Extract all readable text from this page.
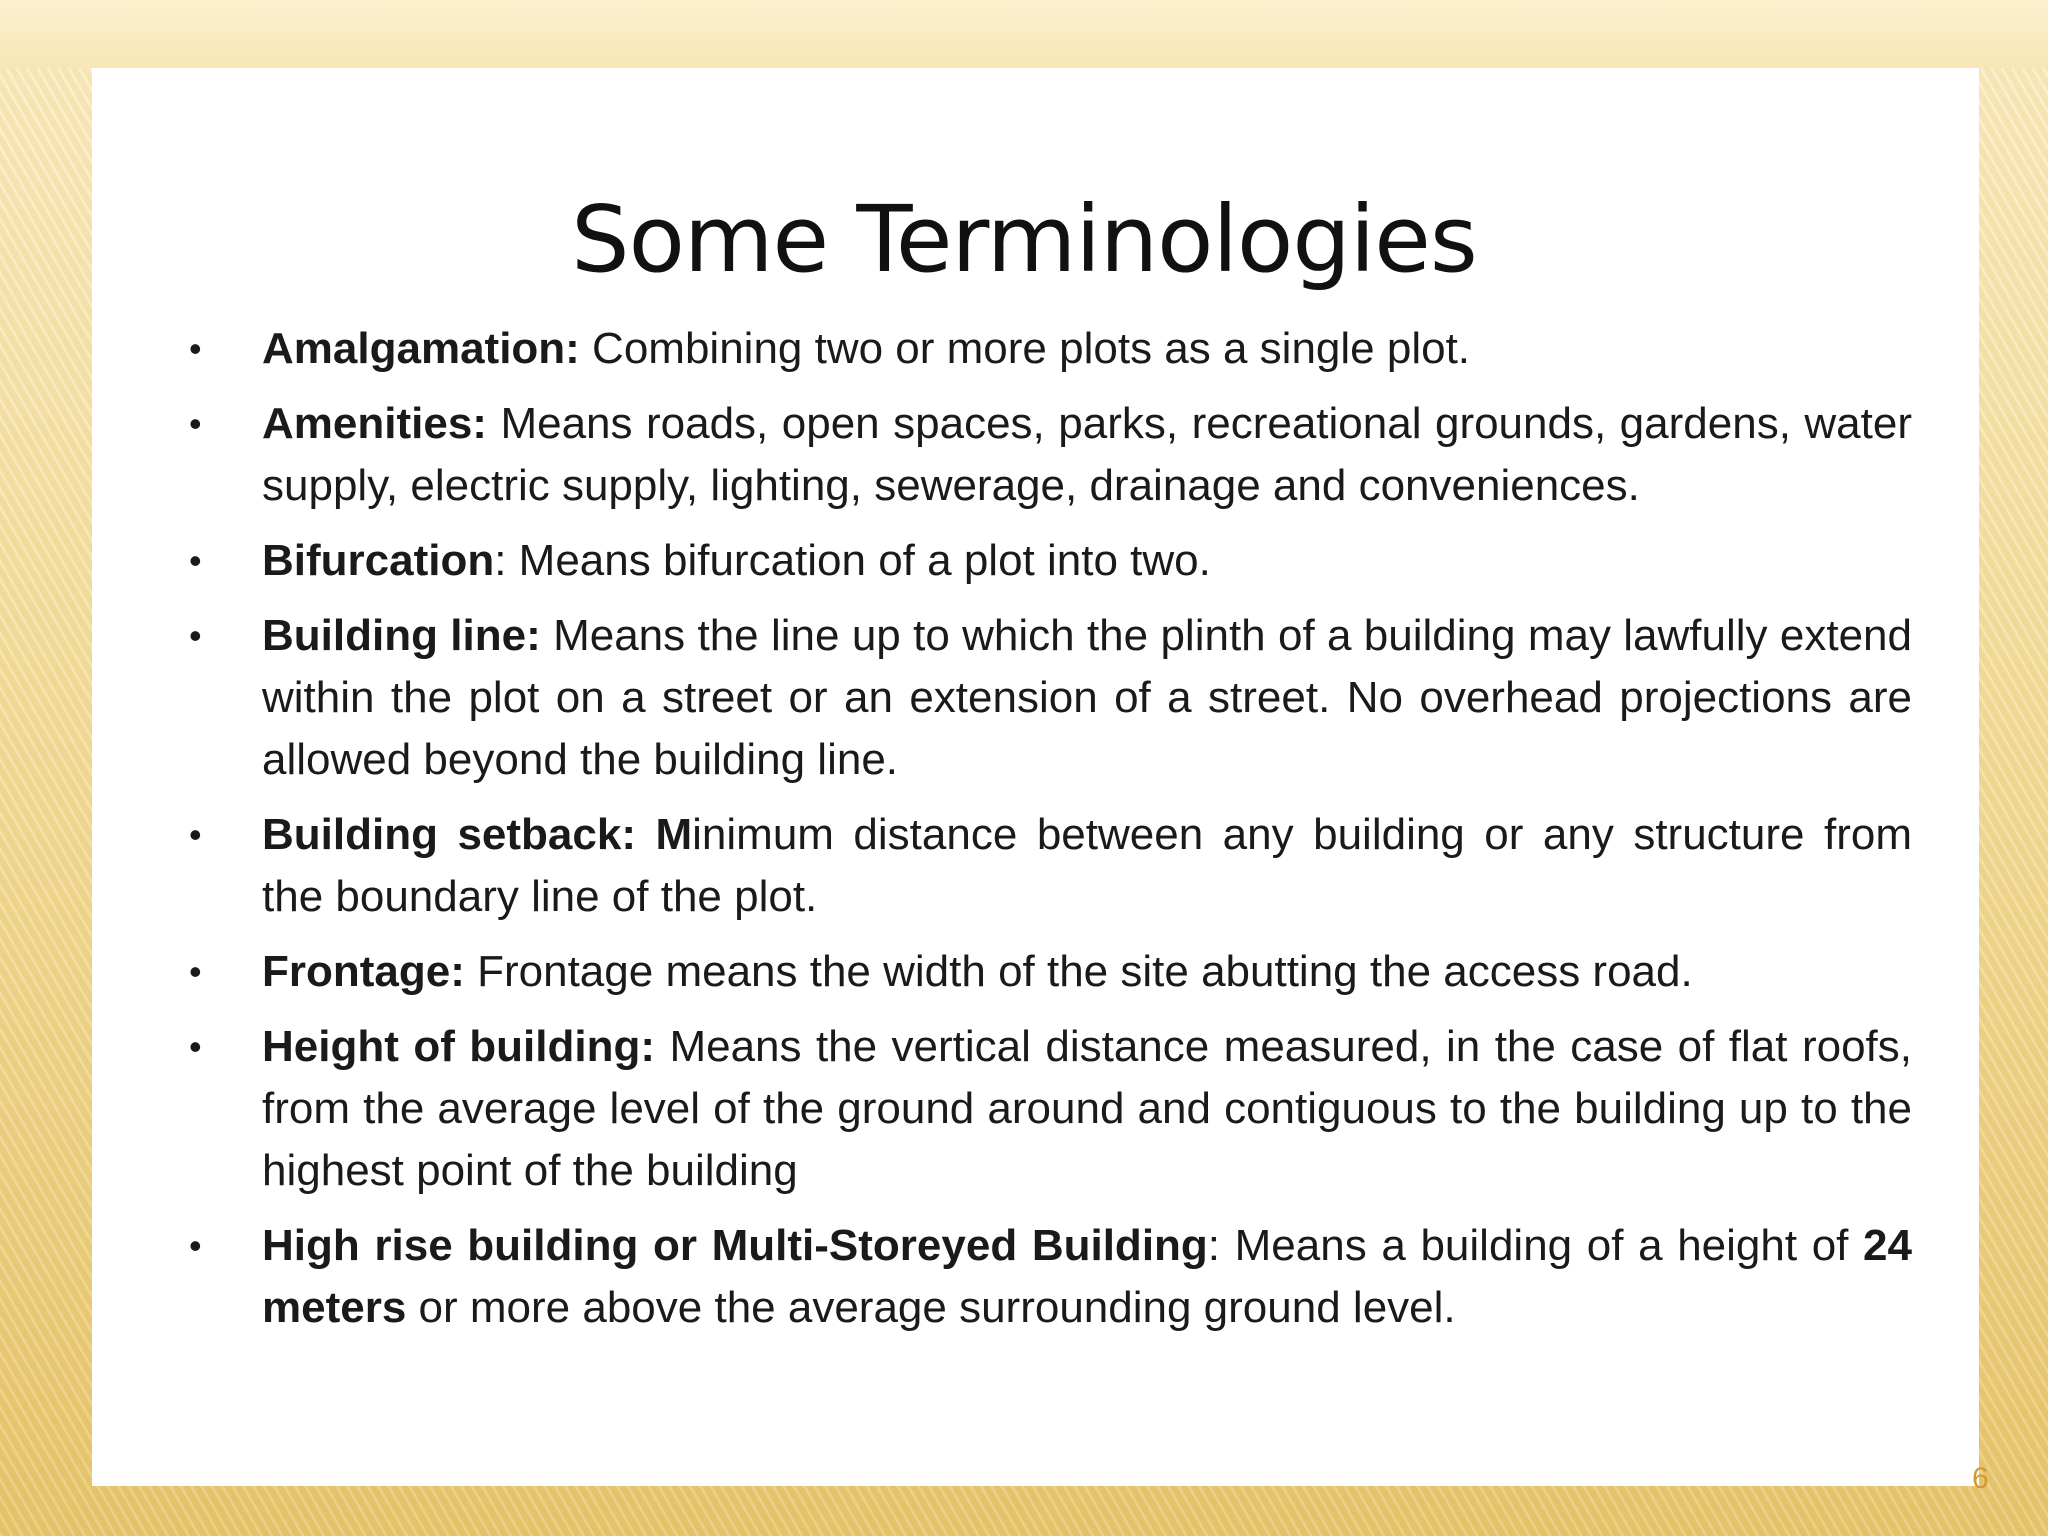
Some Terminologies
• Amalgamation: Combining two or more plots as a single plot.
• Amenities: Means roads, open spaces, parks, recreational grounds, gardens, water supply, electric supply, lighting, sewerage, drainage and conveniences.
• Bifurcation: Means bifurcation of a plot into two.
• Building line: Means the line up to which the plinth of a building may lawfully extend within the plot on a street or an extension of a street. No overhead projections are allowed beyond the building line.
• Building setback: Minimum distance between any building or any structure from the boundary line of the plot.
• Frontage: Frontage means the width of the site abutting the access road.
• Height of building: Means the vertical distance measured, in the case of flat roofs, from the average level of the ground around and contiguous to the building up to the highest point of the building
• High rise building or Multi-Storeyed Building: Means a building of a height of 24 meters or more above the average surrounding ground level.
6
